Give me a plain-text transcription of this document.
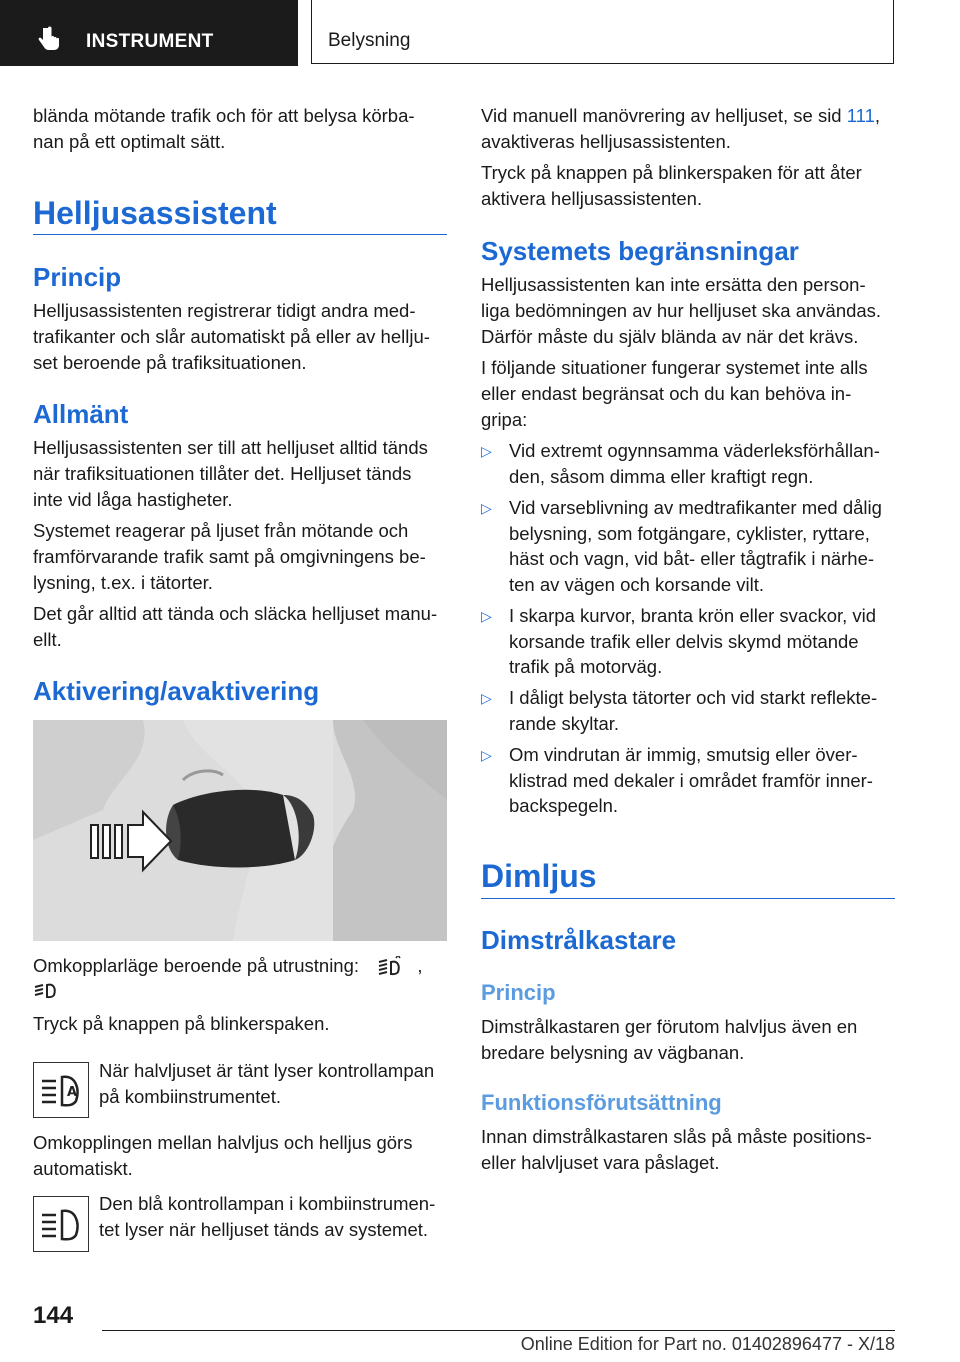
INSTRUMENT	Belysning

blända mötande trafik och för att belysa körba-

nan på ett optimalt sätt.

Helljusassistent
Princip

Helljusassistenten registrerar tidigt andra med-

trafikanter och slår automatiskt på eller av hellju-

set beroende på trafiksituationen.

Allmänt

Helljusassistenten ser till att helljuset alltid tänds

när trafiksituationen tillåter det. Helljuset tänds

inte vid låga hastigheter.

Systemet reagerar på ljuset från mötande och

framförvarande trafik samt på omgivningens be-

lysning, t.ex. i tätorter.

Det går alltid att tända och släcka helljuset manu-

ellt.

Aktivering/avaktivering

Omkopplarläge beroende på utrustning:	,

Tryck på knappen på blinkerspaken.

A

När halvljuset är tänt lyser kontrollampan

på kombiinstrumentet.

Omkopplingen mellan halvljus och helljus görs

automatiskt.

Den blå kontrollampan i kombiinstrumen-

tet lyser när helljuset tänds av systemet.

Vid manuell manövrering av helljuset, se sid 111,

avaktiveras helljusassistenten.

Tryck på knappen på blinkerspaken för att åter

aktivera helljusassistenten.

Systemets begränsningar

Helljusassistenten kan inte ersätta den person-

liga bedömningen av hur helljuset ska användas.

Därför måste du själv blända av när det krävs.

I följande situationer fungerar systemet inte alls

eller endast begränsat och du kan behöva in-

gripa:

▷ Vid extremt ogynnsamma väderleksförhållan-

den, såsom dimma eller kraftigt regn.

▷ Vid varseblivning av medtrafikanter med dålig

belysning, som fotgängare, cyklister, ryttare,

häst och vagn, vid båt- eller tågtrafik i närhe-

ten av vägen och korsande vilt.

▷ I skarpa kurvor, branta krön eller svackor, vid

korsande trafik eller delvis skymd mötande

trafik på motorväg.

▷ I dåligt belysta tätorter och vid starkt reflekte-

rande skyltar.

▷ Om vindrutan är immig, smutsig eller över-

klistrad med dekaler i området framför inner-

backspegeln.

Dimljus
Dimstrålkastare
Princip

Dimstrålkastaren ger förutom halvljus även en

bredare belysning av vägbanan.

Funktionsförutsättning

Innan dimstrålkastaren slås på måste positions-

eller halvljuset vara påslaget.

144
Online Edition for Part no. 01402896477 - X/18
